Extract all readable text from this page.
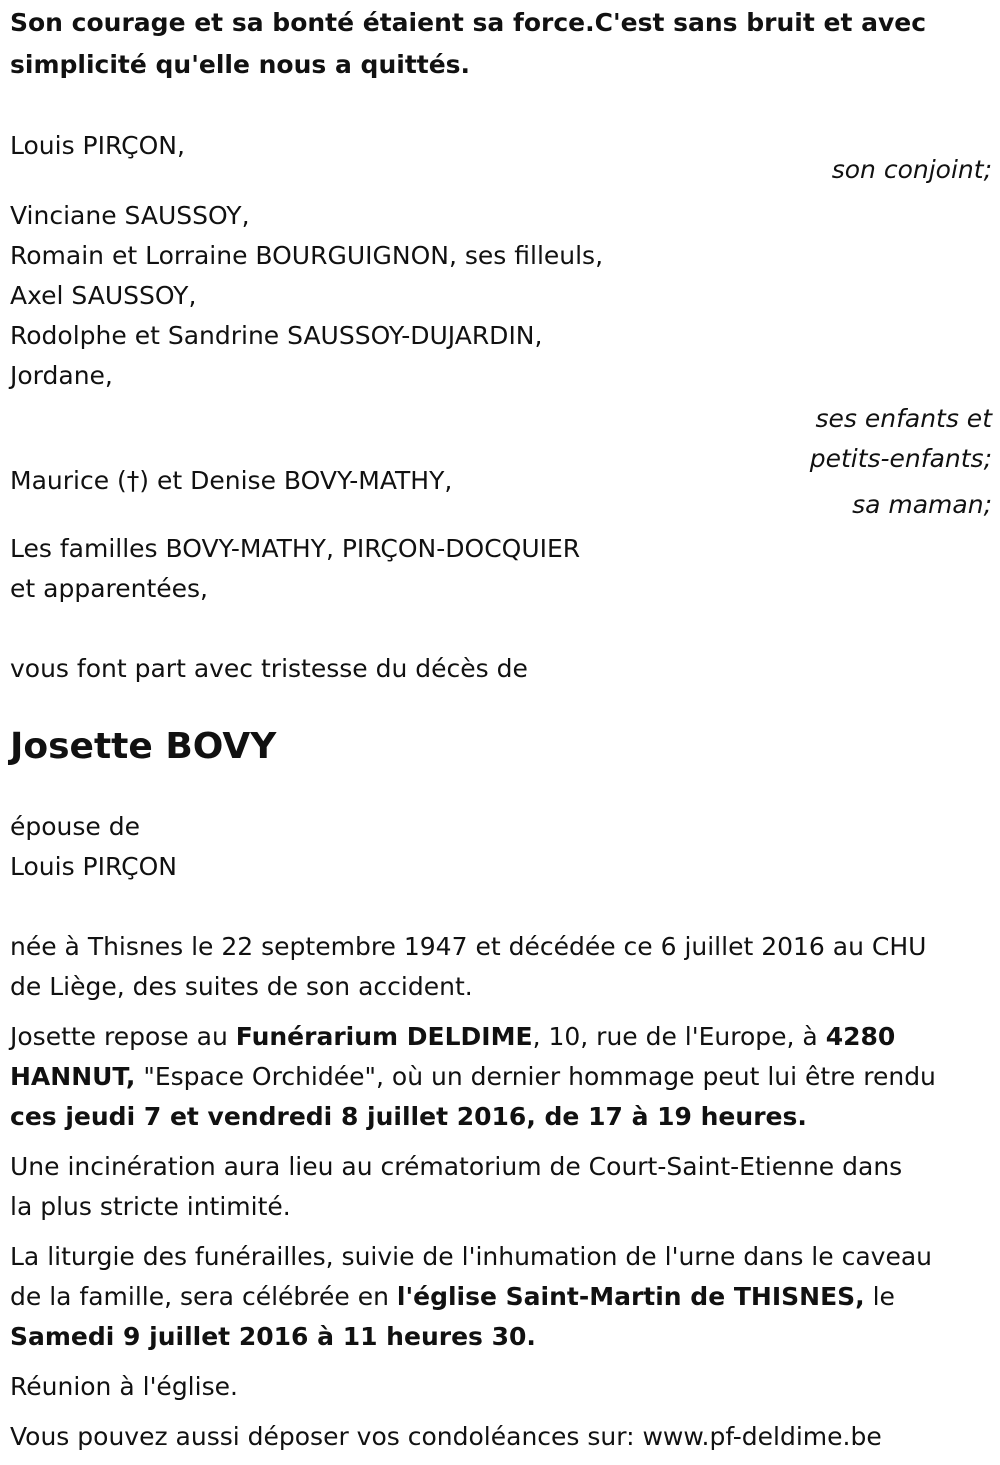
Son courage et sa bonté étaient sa force.C'est sans bruit et avec
simplicité qu'elle nous a quittés.

Louis PIRÇON,
son conjoint;
Vinciane SAUSSOY,
Romain et Lorraine BOURGUIGNON, ses filleuls,
Axel SAUSSOY,
Rodolphe et Sandrine SAUSSOY-DUJARDIN,
Jordane,
ses enfants et
petits-enfants;
Maurice (†) et Denise BOVY-MATHY,
sa maman;
Les familles BOVY-MATHY, PIRÇON-DOCQUIER
et apparentées,

vous font part avec tristesse du décès de

Josette BOVY
épouse de
Louis PIRÇON
née à Thisnes le 22 septembre 1947 et décédée ce 6 juillet 2016 au CHU
de Liège, des suites de son accident.
Josette repose au Funérarium DELDIME, 10, rue de l'Europe, à 4280
HANNUT, "Espace Orchidée", où un dernier hommage peut lui être rendu
ces jeudi 7 et vendredi 8 juillet 2016, de 17 à 19 heures.
Une incinération aura lieu au crématorium de Court-Saint-Etienne dans
la plus stricte intimité.
La liturgie des funérailles, suivie de l'inhumation de l'urne dans le caveau
de la famille, sera célébrée en l'église Saint-Martin de THISNES, le
Samedi 9 juillet 2016 à 11 heures 30.

Réunion à l'église.

Vous pouvez aussi déposer vos condoléances sur: www.pf-deldime.be
